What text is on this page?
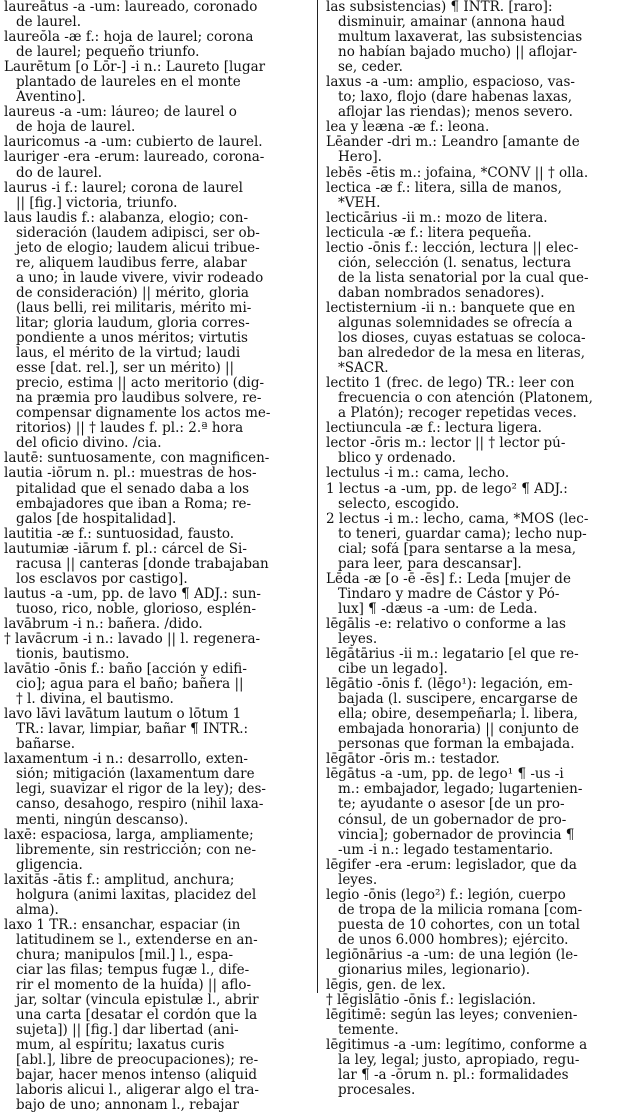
laureātus -a -um: laureado, coronado
de laurel.
laureŏla -æ f.: hoja de laurel; corona
de laurel; pequeño triunfo.
Laurētum [o Lōr-] -i n.: Laureto [lugar
plantado de laureles en el monte
Aventino].
laureus -a -um: láureo; de laurel o
de hoja de laurel.
lauricomus -a -um: cubierto de laurel.
lauriger -era -erum: laureado, corona-
do de laurel.
laurus -i f.: laurel; corona de laurel
|| [fig.] victoria, triunfo.
laus laudis f.: alabanza, elogio; con-
sideración (laudem adipisci, ser ob-
jeto de elogio; laudem alicui tribue-
re, aliquem laudibus ferre, alabar
a uno; in laude vivere, vivir rodeado
de consideración) || mérito, gloria
(laus belli, rei militaris, mérito mi-
litar; gloria laudum, gloria corres-
pondiente a unos méritos; virtutis
laus, el mérito de la virtud; laudi
esse [dat. rel.], ser un mérito) ||
precio, estima || acto meritorio (dig-
na præmia pro laudibus solvere, re-
compensar dignamente los actos me-
ritorios) || † laudes f. pl.: 2.ª hora
del oficio divino. /cia.
lautē: suntuosamente, con magnificen-
lautia -iōrum n. pl.: muestras de hos-
pitalidad que el senado daba a los
embajadores que iban a Roma; re-
galos [de hospitalidad].
lautitia -æ f.: suntuosidad, fausto.
lautumiæ -iārum f. pl.: cárcel de Si-
racusa || canteras [donde trabajaban
los esclavos por castigo].
lautus -a -um, pp. de lavo ¶ ADJ.: sun-
tuoso, rico, noble, glorioso, esplén-
lavābrum -i n.: bañera. /dido.
† lavācrum -i n.: lavado || l. regenera-
tionis, bautismo.
lavātio -ōnis f.: baño [acción y edifi-
cio]; agua para el baño; bañera ||
† l. divina, el bautismo.
lavo lāvi lavātum lautum o lōtum 1
TR.: lavar, limpiar, bañar ¶ INTR.:
bañarse.
laxamentum -i n.: desarrollo, exten-
sión; mitigación (laxamentum dare
legi, suavizar el rigor de la ley); des-
canso, desahogo, respiro (nihil laxa-
menti, ningún descanso).
laxē: espaciosa, larga, ampliamente;
libremente, sin restricción; con ne-
gligencia.
laxitās -ātis f.: amplitud, anchura;
holgura (animi laxitas, placidez del
alma).
laxo 1 TR.: ensanchar, espaciar (in
latitudinem se l., extenderse en an-
chura; manipulos [mil.] l., espa-
ciar las filas; tempus fugæ l., dife-
rir el momento de la huída) || aflo-
jar, soltar (vincula epistulæ l., abrir
una carta [desatar el cordón que la
sujeta]) || [fig.] dar libertad (ani-
mum, al espíritu; laxatus curis
[abl.], libre de preocupaciones); re-
bajar, hacer menos intenso (aliquid
laboris alicui l., aligerar algo el tra-
bajo de uno; annonam l., rebajar
las subsistencias) ¶ INTR. [raro]:
disminuir, amainar (annona haud
multum laxaverat, las subsistencias
no habían bajado mucho) || aflojar-
se, ceder.
laxus -a -um: amplio, espacioso, vas-
to; laxo, flojo (dare habenas laxas,
aflojar las riendas); menos severo.
lea y leæna -æ f.: leona.
Lēander -dri m.: Leandro [amante de
Hero].
lebēs -ētis m.: jofaina, *CONV || † olla.
lectica -æ f.: litera, silla de manos,
*VEH.
lecticārius -ii m.: mozo de litera.
lecticula -æ f.: litera pequeña.
lectio -ōnis f.: lección, lectura || elec-
ción, selección (l. senatus, lectura
de la lista senatorial por la cual que-
daban nombrados senadores).
lectisternium -ii n.: banquete que en
algunas solemnidades se ofrecía a
los dioses, cuyas estatuas se coloca-
ban alrededor de la mesa en literas,
*SACR.
lectito 1 (frec. de lego) TR.: leer con
frecuencia o con atención (Platonem,
a Platón); recoger repetidas veces.
lectiuncula -æ f.: lectura ligera.
lector -ōris m.: lector || † lector pú-
blico y ordenado.
lectulus -i m.: cama, lecho.
1 lectus -a -um, pp. de lego² ¶ ADJ.:
selecto, escogido.
2 lectus -i m.: lecho, cama, *MOS (lec-
to teneri, guardar cama); lecho nup-
cial; sofá [para sentarse a la mesa,
para leer, para descansar].
Lēda -æ [o -ē -ēs] f.: Leda [mujer de
Tindaro y madre de Cástor y Pó-
lux] ¶ -dæus -a -um: de Leda.
lēgālis -e: relativo o conforme a las
leyes.
lēgātārius -ii m.: legatario [el que re-
cibe un legado].
lēgātio -ōnis f. (lēgo¹): legación, em-
bajada (l. suscipere, encargarse de
ella; obire, desempeñarla; l. libera,
embajada honoraria) || conjunto de
personas que forman la embajada.
lēgātor -ōris m.: testador.
lēgātus -a -um, pp. de lego¹ ¶ -us -i
m.: embajador, legado; lugartenien-
te; ayudante o asesor [de un pro-
cónsul, de un gobernador de pro-
vincia]; gobernador de provincia ¶
-um -i n.: legado testamentario.
lēgifer -era -erum: legislador, que da
leyes.
legio -ōnis (lego²) f.: legión, cuerpo
de tropa de la milicia romana [com-
puesta de 10 cohortes, con un total
de unos 6.000 hombres); ejército.
legiōnārius -a -um: de una legión (le-
gionarius miles, legionario).
lēgis, gen. de lex.
† lēgislātio -ōnis f.: legislación.
lēgitimē: según las leyes; convenien-
temente.
lēgitimus -a -um: legítimo, conforme a
la ley, legal; justo, apropiado, regu-
lar ¶ -a -ōrum n. pl.: formalidades
procesales.
